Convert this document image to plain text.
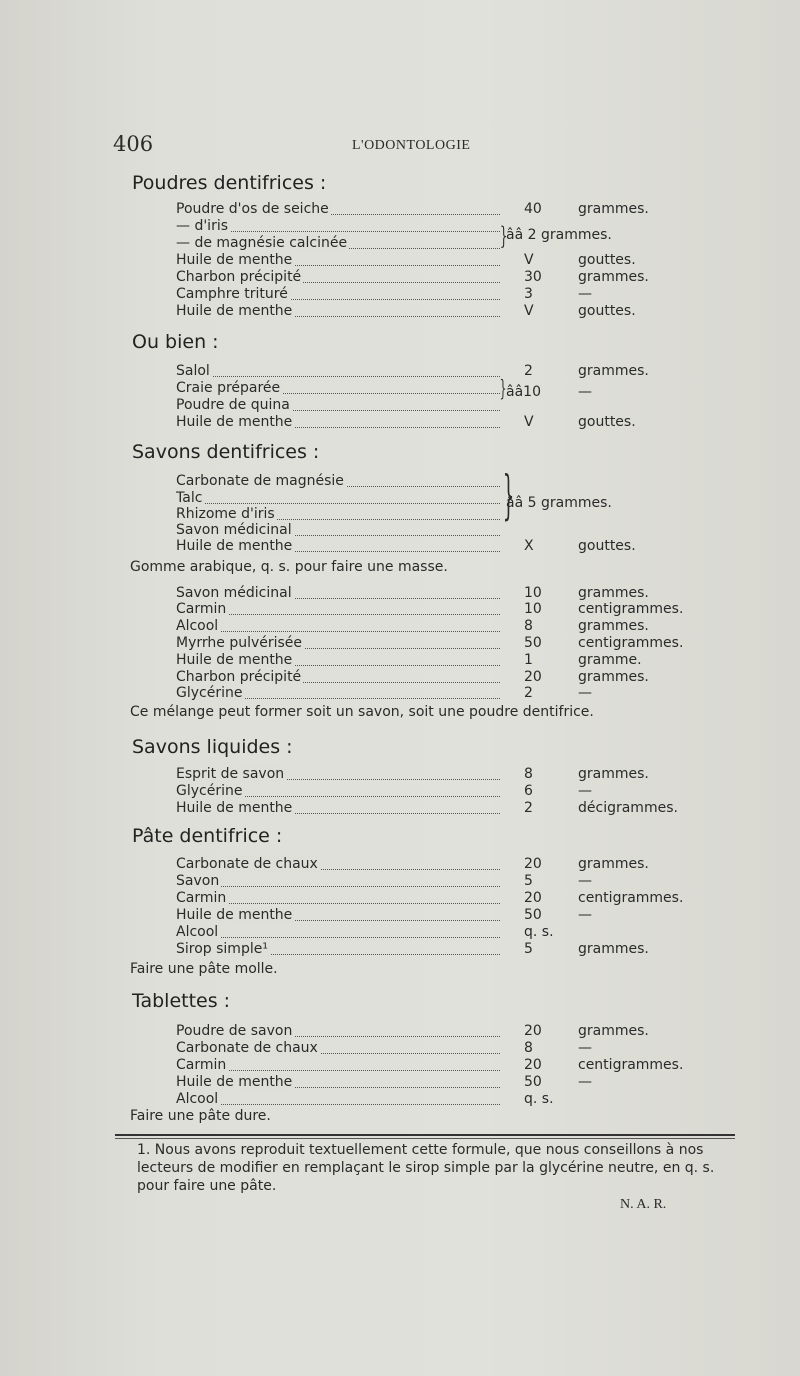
406	L'ODONTOLOGIE
Poudres dentifrices :
Poudre d'os de seiche	40	grammes.
— d'iris
— de magnésie calcinée	}
ââ 2 grammes.
Huile de menthe	V	gouttes.
Charbon précipité	30	grammes.
Camphre trituré	3	—
Huile de menthe	V	gouttes.
Ou bien :
Salol	2	grammes.
Craie préparée
Poudre de quina
} ââ10	—
Huile de menthe	V	gouttes.
Savons dentifrices :
Carbonate de magnésie
Talc
Rhizome d'iris
Savon médicinal
}
ââ 5 grammes.
Huile de menthe	X	gouttes.
Gomme arabique, q. s. pour faire une masse.
Savon médicinal	10	grammes.
Carmin	10	centigrammes.
Alcool	8	grammes.
Myrrhe pulvérisée	50	centigrammes.
Huile de menthe	1	gramme.
Charbon précipité	20	grammes.
Glycérine	2	—
Ce mélange peut former soit un savon, soit une poudre dentifrice.
Savons liquides :
Esprit de savon	8	grammes.
Glycérine	6	—
Huile de menthe	2	décigrammes.
Pâte dentifrice :
Carbonate de chaux	20	grammes.
Savon	5	—
Carmin	20	centigrammes.
Huile de menthe	50	—
Alcool	q. s.
Sirop simple¹	5	grammes.
Faire une pâte molle.
Tablettes :
Poudre de savon	20	grammes.
Carbonate de chaux	8	—
Carmin	20	centigrammes.
Huile de menthe	50	—
Alcool	q. s.
Faire une pâte dure.
1. Nous avons reproduit textuellement cette formule, que nous conseillons à nos lecteurs de modifier en remplaçant le sirop simple par la glycérine neutre, en q. s. pour faire une pâte.
N. A. R.
